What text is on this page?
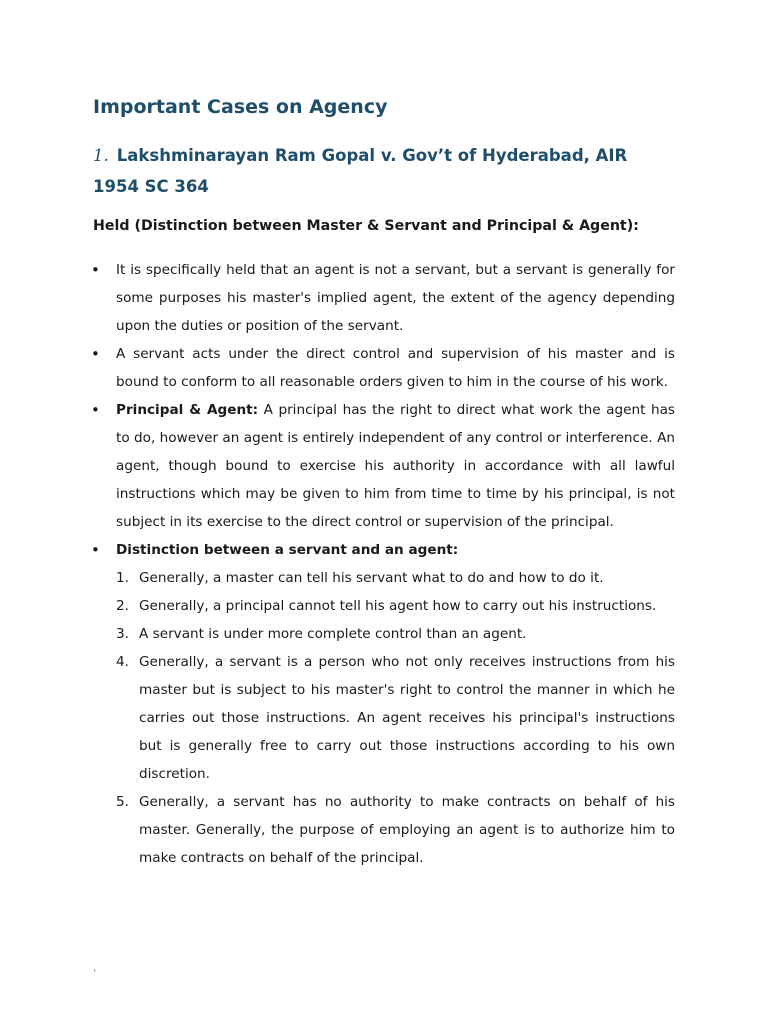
Important Cases on Agency
1. Lakshminarayan Ram Gopal v. Gov’t of Hyderabad, AIR 1954 SC 364

Held (Distinction between Master & Servant and Principal & Agent):

• It is specifically held that an agent is not a servant, but a servant is generally for some purposes his master's implied agent, the extent of the agency depending upon the duties or position of the servant.
• A servant acts under the direct control and supervision of his master and is bound to conform to all reasonable orders given to him in the course of his work.
• Principal & Agent: A principal has the right to direct what work the agent has to do, however an agent is entirely independent of any control or interference. An agent, though bound to exercise his authority in accordance with all lawful instructions which may be given to him from time to time by his principal, is not subject in its exercise to the direct control or supervision of the principal.
• Distinction between a servant and an agent:
1. Generally, a master can tell his servant what to do and how to do it.
2. Generally, a principal cannot tell his agent how to carry out his instructions.
3. A servant is under more complete control than an agent.
4. Generally, a servant is a person who not only receives instructions from his master but is subject to his master's right to control the manner in which he carries out those instructions. An agent receives his principal's instructions but is generally free to carry out those instructions according to his own discretion.
5. Generally, a servant has no authority to make contracts on behalf of his master. Generally, the purpose of employing an agent is to authorize him to make contracts on behalf of the principal.
.
